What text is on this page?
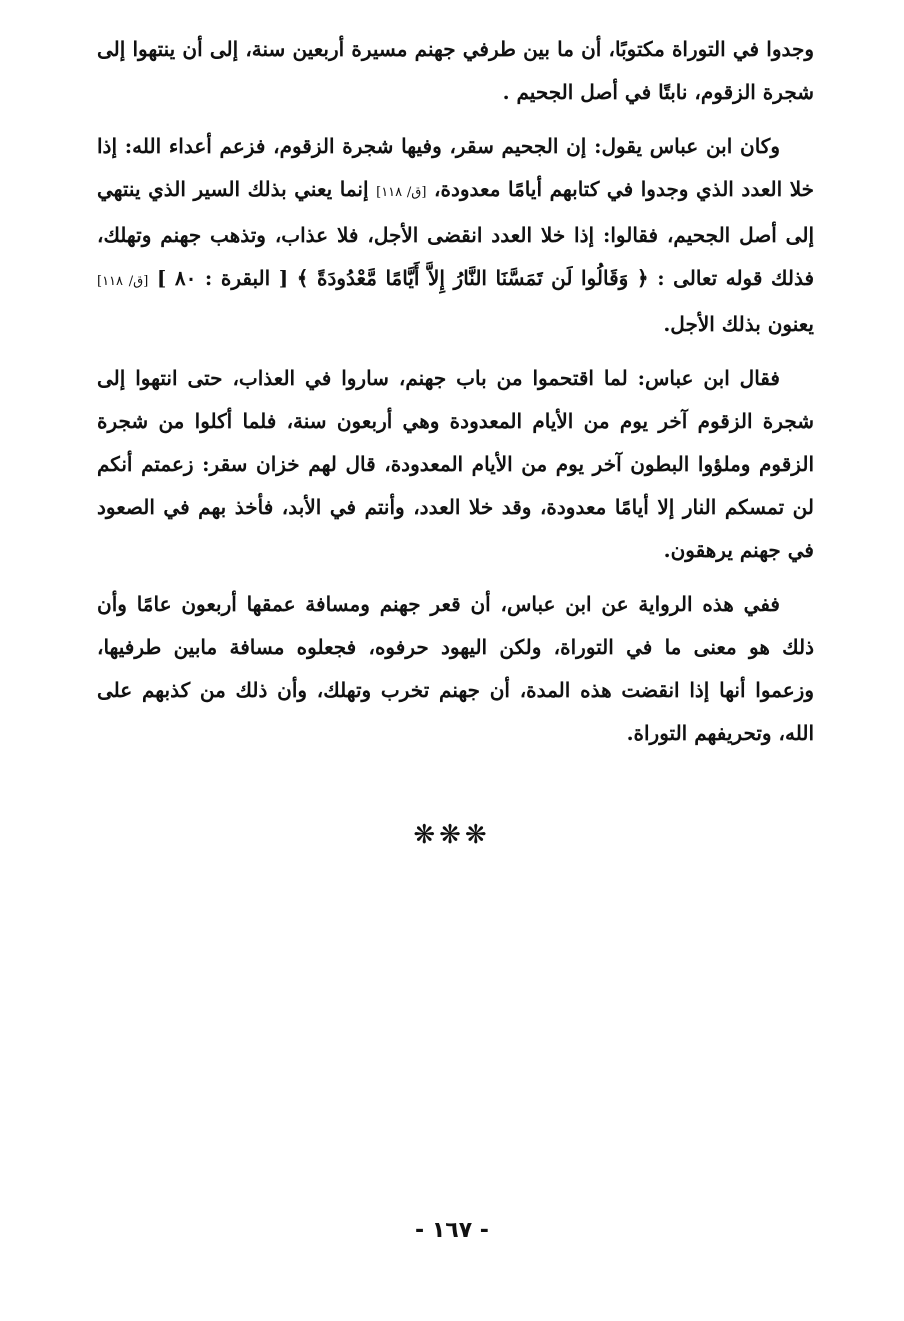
وجدوا في التوراة مكتوبًا، أن ما بين طرفي جهنم مسيرة أربعين سنة، إلى أن ينتهوا إلى شجرة الزقوم، نابتًا في أصل الجحيم .

وكان ابن عباس يقول: إن الجحيم سقر، وفيها شجرة الزقوم، فزعم أعداء الله: إذا خلا العدد الذي وجدوا في كتابهم أيامًا معدودة، [ق/ ١١٨] إنما يعني بذلك السير الذي ينتهي إلى أصل الجحيم، فقالوا: إذا خلا العدد انقضى الأجل، فلا عذاب، وتذهب جهنم وتهلك، فذلك قوله تعالى : ﴿ وَقَالُوا لَن تَمَسَّنَا النَّارُ إِلاَّ أَيَّامًا مَّعْدُودَةً ﴾ [ البقرة : ٨٠ ] [ق/ ١١٨] يعنون بذلك الأجل.

فقال ابن عباس: لما اقتحموا من باب جهنم، ساروا في العذاب، حتى انتهوا إلى شجرة الزقوم آخر يوم من الأيام المعدودة وهي أربعون سنة، فلما أكلوا من شجرة الزقوم وملؤوا البطون آخر يوم من الأيام المعدودة، قال لهم خزان سقر: زعمتم أنكم لن تمسكم النار إلا أيامًا معدودة، وقد خلا العدد، وأنتم في الأبد، فأخذ بهم في الصعود في جهنم يرهقون.

ففي هذه الرواية عن ابن عباس، أن قعر جهنم ومسافة عمقها أربعون عامًا وأن ذلك هو معنى ما في التوراة، ولكن اليهود حرفوه، فجعلوه مسافة مابين طرفيها، وزعموا أنها إذا انقضت هذه المدة، أن جهنم تخرب وتهلك، وأن ذلك من كذبهم على الله، وتحريفهم التوراة.

❋❋❋
- ١٦٧ -
